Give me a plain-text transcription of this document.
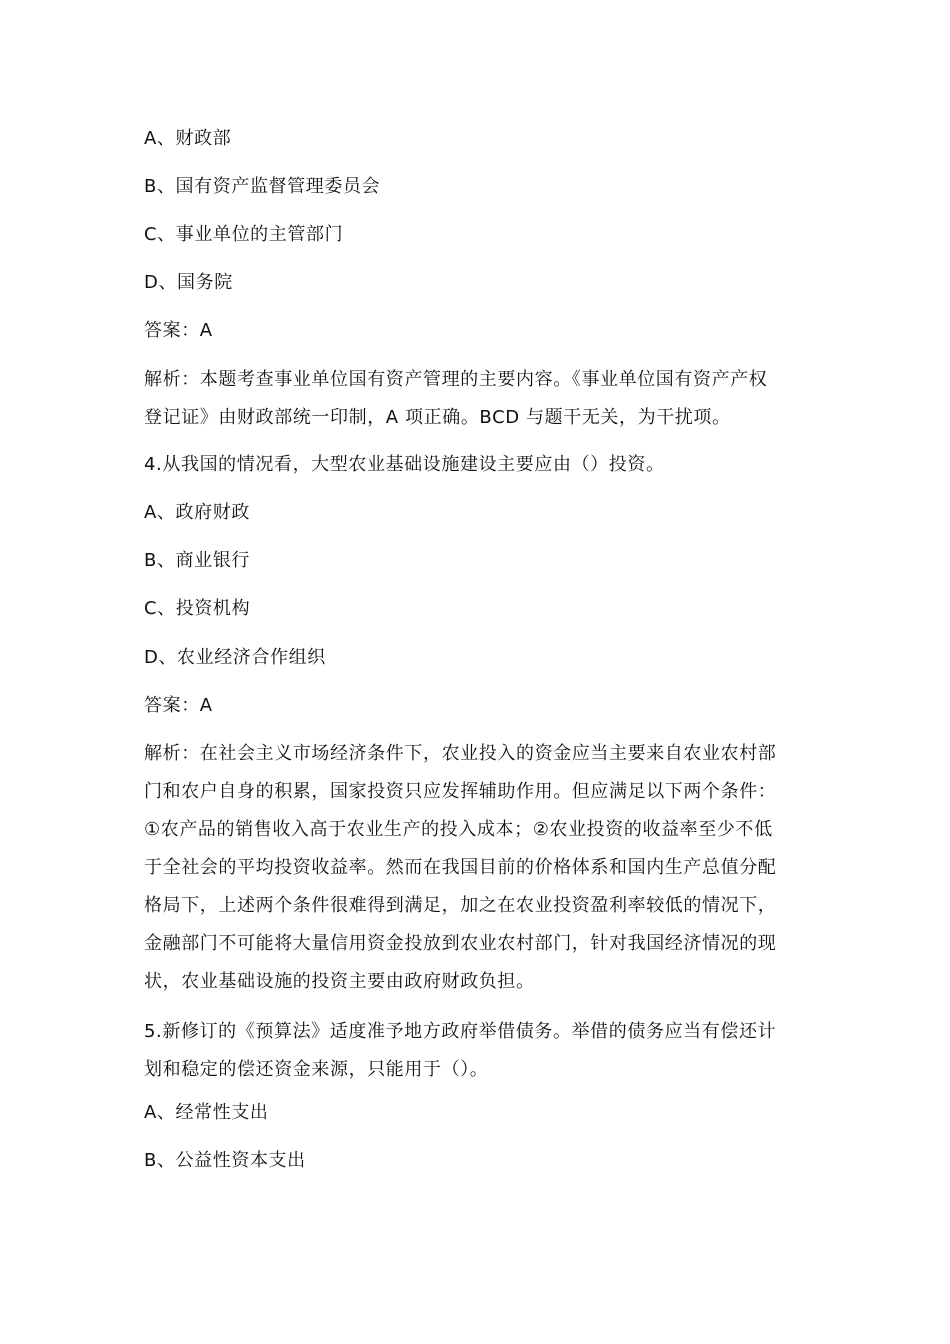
A、财政部
B、国有资产监督管理委员会
C、事业单位的主管部门
D、国务院
答案：A
解析：本题考查事业单位国有资产管理的主要内容。《事业单位国有资产产权
登记证》由财政部统一印制，A 项正确。BCD 与题干无关，为干扰项。
4.从我国的情况看，大型农业基础设施建设主要应由（）投资。
A、政府财政
B、商业银行
C、投资机构
D、农业经济合作组织
答案：A
解析：在社会主义市场经济条件下，农业投入的资金应当主要来自农业农村部
门和农户自身的积累，国家投资只应发挥辅助作用。但应满足以下两个条件：
①农产品的销售收入高于农业生产的投入成本；②农业投资的收益率至少不低
于全社会的平均投资收益率。然而在我国目前的价格体系和国内生产总值分配
格局下，上述两个条件很难得到满足，加之在农业投资盈利率较低的情况下，
金融部门不可能将大量信用资金投放到农业农村部门，针对我国经济情况的现
状，农业基础设施的投资主要由政府财政负担。
5.新修订的《预算法》适度准予地方政府举借债务。举借的债务应当有偿还计
划和稳定的偿还资金来源，只能用于（）。
A、经常性支出
B、公益性资本支出
